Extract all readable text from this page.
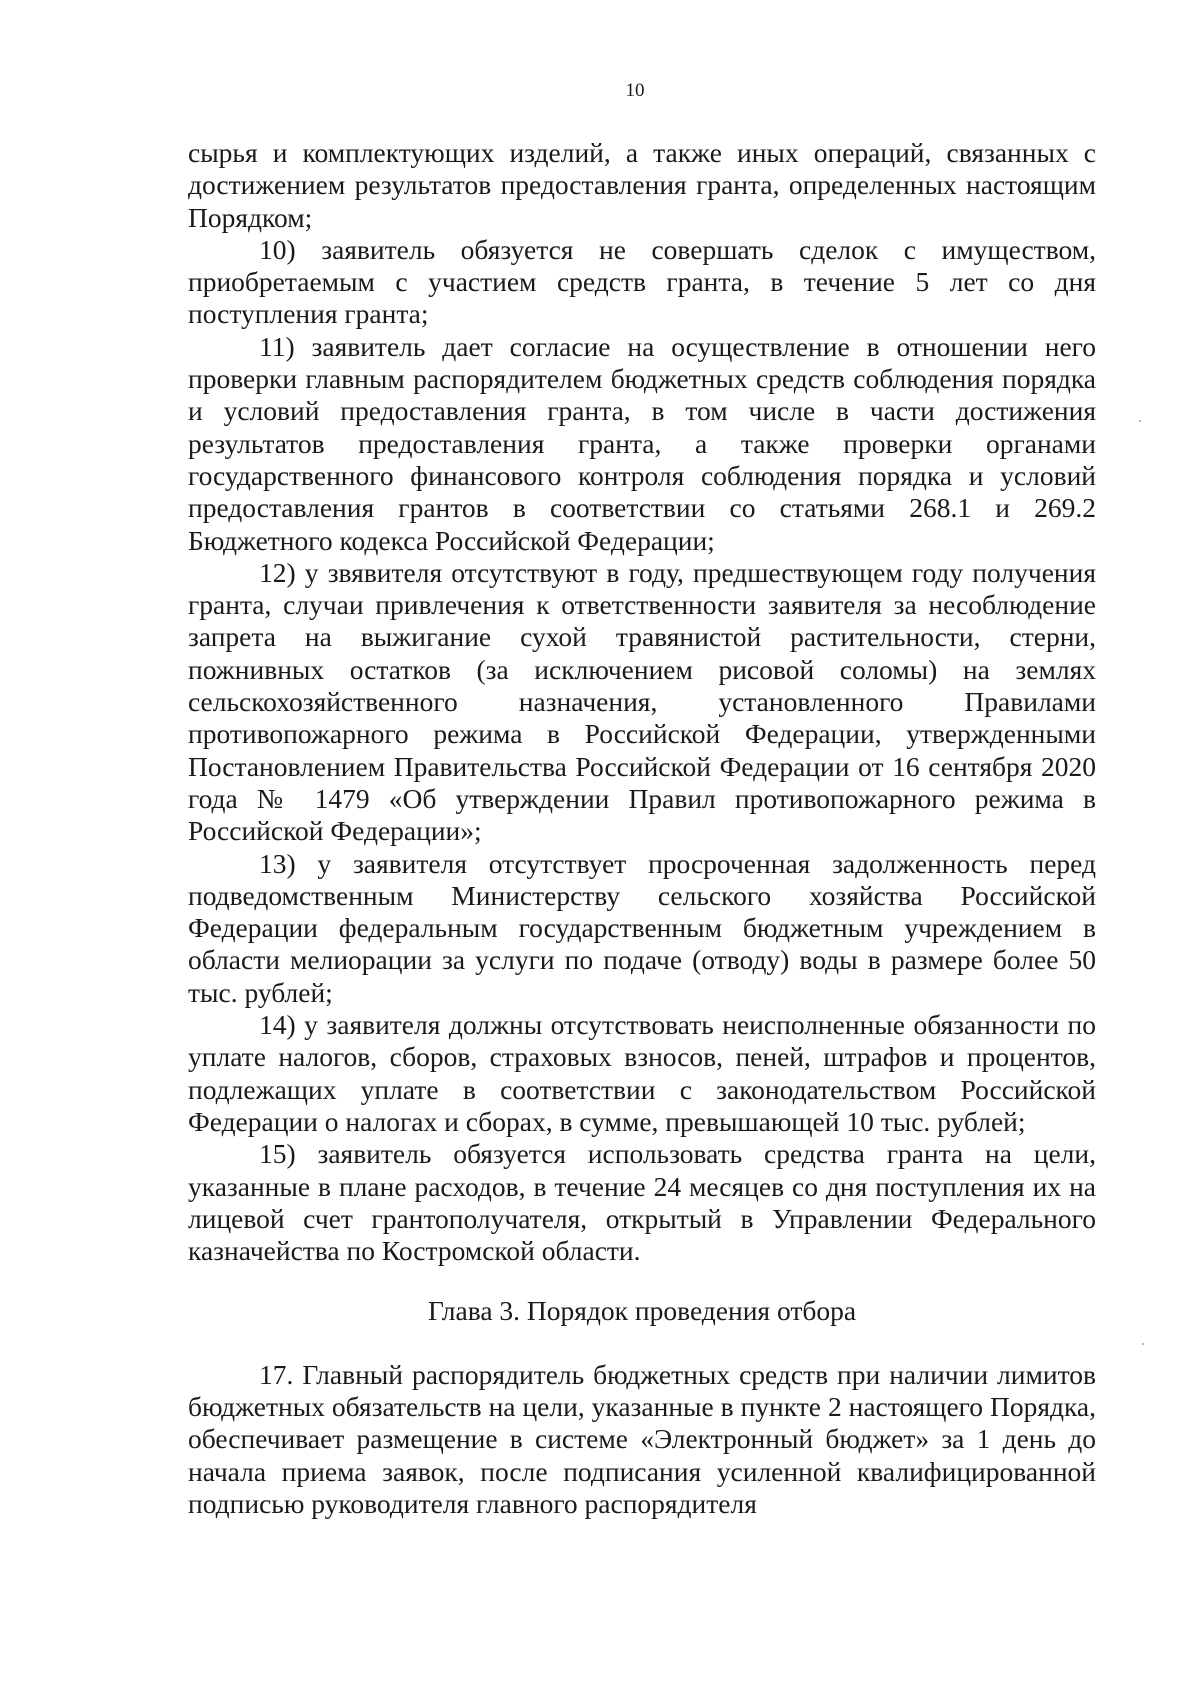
10

сырья и комплектующих изделий, а также иных операций, связанных с достижением результатов предоставления гранта, определенных настоящим Порядком;

10) заявитель обязуется не совершать сделок с имуществом, приобретаемым с участием средств гранта, в течение 5 лет со дня поступления гранта;

11) заявитель дает согласие на осуществление в отношении него проверки главным распорядителем бюджетных средств соблюдения порядка и условий предоставления гранта, в том числе в части достижения результатов предоставления гранта, а также проверки органами государственного финансового контроля соблюдения порядка и условий предоставления грантов в соответствии со статьями 268.1 и 269.2 Бюджетного кодекса Российской Федерации;

12) у звявителя отсутствуют в году, предшествующем году получения гранта, случаи привлечения к ответственности заявителя за несоблюдение запрета на выжигание сухой травянистой растительности, стерни, пожнивных остатков (за исключением рисовой соломы) на землях сельскохозяйственного назначения, установленного Правилами противопожарного режима в Российской Федерации, утвержденными Постановлением Правительства Российской Федерации от 16 сентября 2020 года № 1479 «Об утверждении Правил противопожарного режима в Российской Федерации»;

13) у заявителя отсутствует просроченная задолженность перед подведомственным Министерству сельского хозяйства Российской Федерации федеральным государственным бюджетным учреждением в области мелиорации за услуги по подаче (отводу) воды в размере более 50 тыс. рублей;

14) у заявителя должны отсутствовать неисполненные обязанности по уплате налогов, сборов, страховых взносов, пеней, штрафов и процентов, подлежащих уплате в соответствии с законодательством Российской Федерации о налогах и сборах, в сумме, превышающей 10 тыс. рублей;

15) заявитель обязуется использовать средства гранта на цели, указанные в плане расходов, в течение 24 месяцев со дня поступления их на лицевой счет грантополучателя, открытый в Управлении Федерального казначейства по Костромской области.

Глава 3. Порядок проведения отбора

17. Главный распорядитель бюджетных средств при наличии лимитов бюджетных обязательств на цели, указанные в пункте 2 настоящего Порядка, обеспечивает размещение в системе «Электронный бюджет» за 1 день до начала приема заявок, после подписания усиленной квалифицированной подписью руководителя главного распорядителя
